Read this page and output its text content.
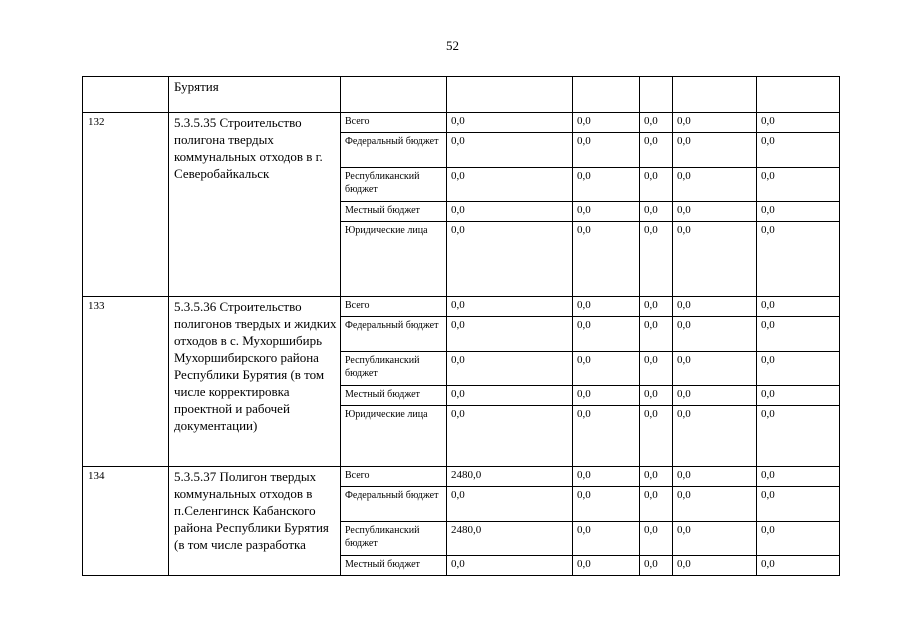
52
	Бурятия						
132	5.3.5.35 Строительство полигона твердых коммунальных отходов в г. Северобайкальск	Всего	0,0	0,0	0,0	0,0	0,0
		Федеральный бюджет	0,0	0,0	0,0	0,0	0,0
		Республиканский бюджет	0,0	0,0	0,0	0,0	0,0
		Местный бюджет	0,0	0,0	0,0	0,0	0,0
		Юридические лица	0,0	0,0	0,0	0,0	0,0
133	5.3.5.36 Строительство полигонов твердых и жидких отходов в с. Мухоршибирь Мухоршибирского района Республики Бурятия (в том числе корректировка проектной и рабочей документации)	Всего	0,0	0,0	0,0	0,0	0,0
		Федеральный бюджет	0,0	0,0	0,0	0,0	0,0
		Республиканский бюджет	0,0	0,0	0,0	0,0	0,0
		Местный бюджет	0,0	0,0	0,0	0,0	0,0
		Юридические лица	0,0	0,0	0,0	0,0	0,0
134	5.3.5.37 Полигон твердых коммунальных отходов в п.Селенгинск Кабанского района Республики Бурятия (в том числе разработка	Всего	2480,0	0,0	0,0	0,0	0,0
		Федеральный бюджет	0,0	0,0	0,0	0,0	0,0
		Республиканский бюджет	2480,0	0,0	0,0	0,0	0,0
		Местный бюджет	0,0	0,0	0,0	0,0	0,0
